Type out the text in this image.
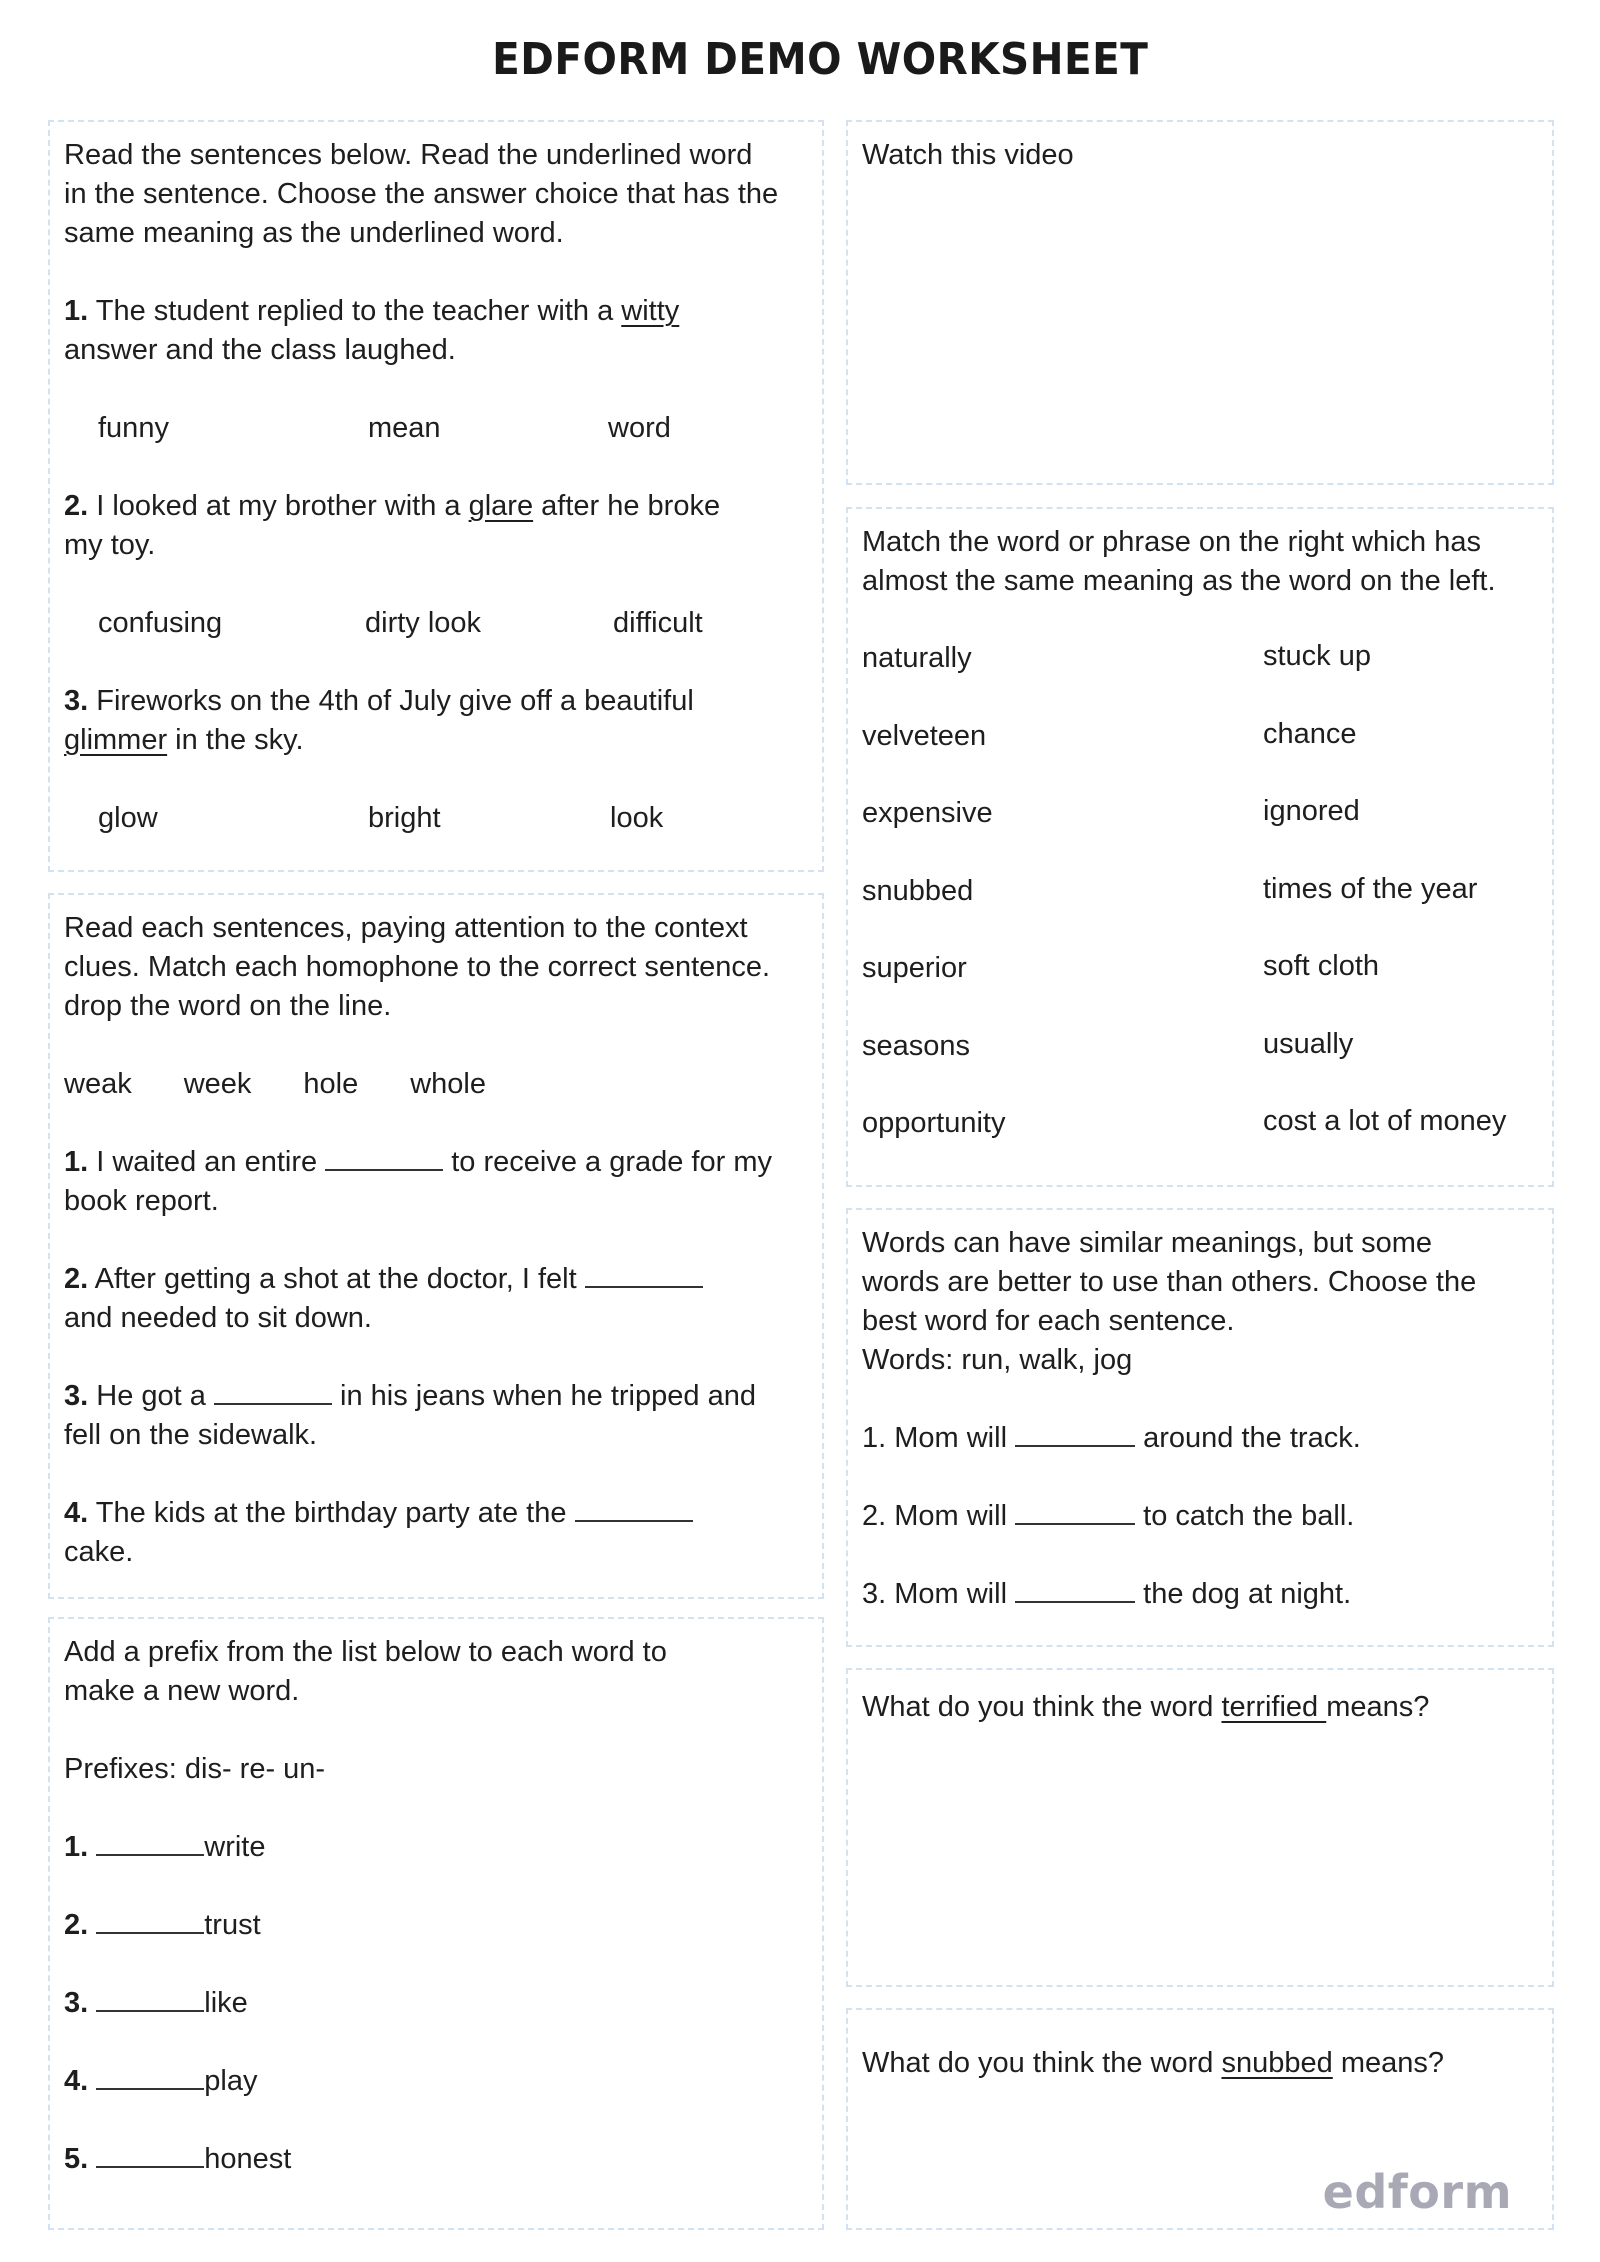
EDFORM DEMO WORKSHEET

Read the sentences below. Read the underlined word

in the sentence. Choose the answer choice that has the

same meaning as the underlined word.

1. The student replied to the teacher with a witty

answer and the class laughed.

funny	mean	word

2. I looked at my brother with a glare after he broke

my toy.

confusing	dirty look	difficult

3. Fireworks on the 4th of July give off a beautiful

glimmer in the sky.

glow	bright	look

Read each sentences, paying attention to the context

clues. Match each homophone to the correct sentence.

drop the word on the line.

weak week hole whole

1. I waited an entire	to receive a grade for my

book report.

2. After getting a shot at the doctor, I felt

and needed to sit down.

3. He got a	in his jeans when he tripped and

fell on the sidewalk.

4. The kids at the birthday party ate the

cake.

Add a prefix from the list below to each word to

make a new word.

Prefixes: dis- re- un-

1.	write

2.	trust

3.	like

4.	play

5.	honest

Watch this video

Match the word or phrase on the right which has

almost the same meaning as the word on the left.

naturally	stuck up
velveteen	chance
expensive	ignored
snubbed	times of the year
superior	soft cloth
seasons	usually
opportunity	cost a lot of money

Words can have similar meanings, but some

words are better to use than others. Choose the

best word for each sentence.

Words: run, walk, jog

1. Mom will	around the track.

2. Mom will	to catch the ball.

3. Mom will	the dog at night.

What do you think the word terrified means?

What do you think the word snubbed means?

edform
